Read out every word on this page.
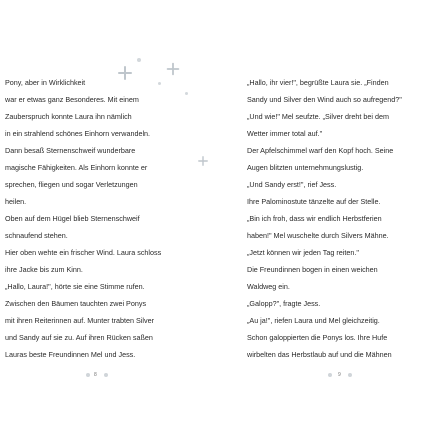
Pony, aber in Wirklichkeit
war er etwas ganz Besonderes. Mit einem
Zauberspruch konnte Laura ihn nämlich
in ein strahlend schönes Einhorn verwandeln.
Dann besaß Sternenschweif wunderbare
magische Fähigkeiten. Als Einhorn konnte er
sprechen, fliegen und sogar Verletzungen
heilen.
Oben auf dem Hügel blieb Sternenschweif
schnaufend stehen.
Hier oben wehte ein frischer Wind. Laura schloss
ihre Jacke bis zum Kinn.
„Hallo, Laura!", hörte sie eine Stimme rufen.
Zwischen den Bäumen tauchten zwei Ponys
mit ihren Reiterinnen auf. Munter trabten Silver
und Sandy auf sie zu. Auf ihren Rücken saßen
Lauras beste Freundinnen Mel und Jess.
„Hallo, ihr vier!", begrüßte Laura sie. „Finden
Sandy und Silver den Wind auch so aufregend?"
„Und wie!" Mel seufzte. „Silver dreht bei dem
Wetter immer total auf."
Der Apfelschimmel warf den Kopf hoch. Seine
Augen blitzten unternehmungslustig.
„Und Sandy erst!", rief Jess.
Ihre Palominostute tänzelte auf der Stelle.
„Bin ich froh, dass wir endlich Herbstferien
haben!" Mel wuschelte durch Silvers Mähne.
„Jetzt können wir jeden Tag reiten."
Die Freundinnen bogen in einen weichen
Waldweg ein.
„Galopp?", fragte Jess.
„Au ja!", riefen Laura und Mel gleichzeitig.
Schon galoppierten die Ponys los. Ihre Hufe
wirbelten das Herbstlaub auf und die Mähnen
8	9
